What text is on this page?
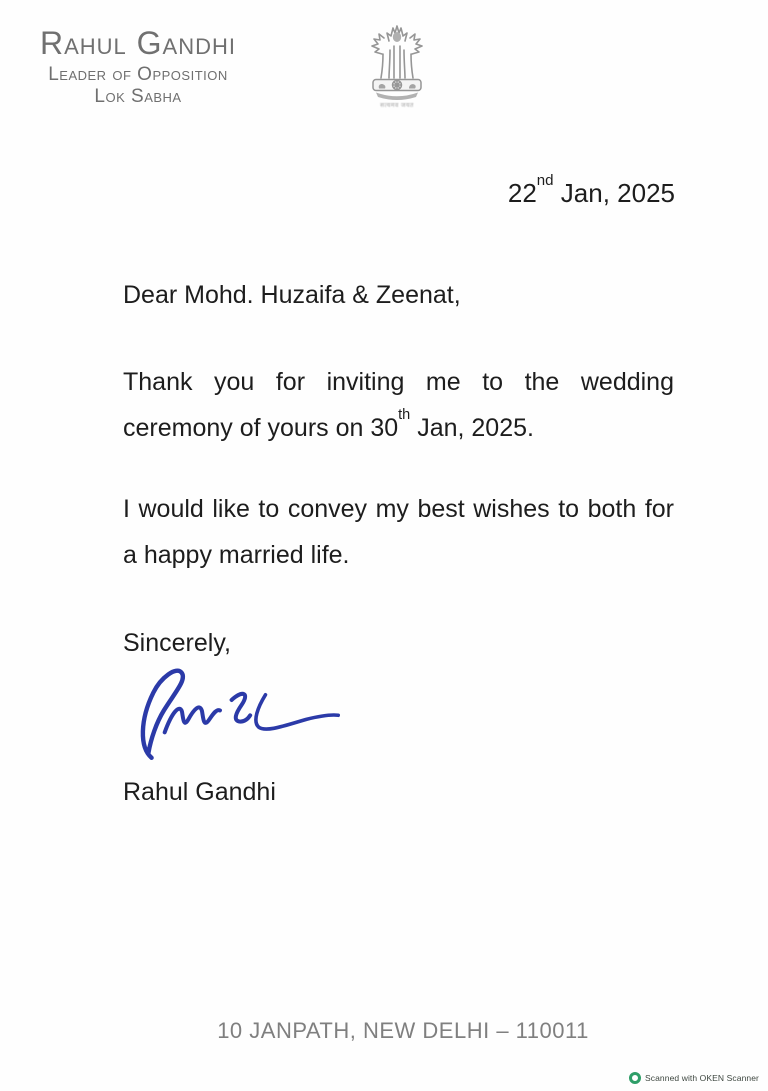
Rahul Gandhi
Leader of Opposition
Lok Sabha	सत्यमेव जयते
22nd Jan, 2025
Dear Mohd. Huzaifa & Zeenat,
Thank you for inviting me to the wedding
ceremony of yours on 30th Jan, 2025.
I would like to convey my best wishes to both for
a happy married life.
Sincerely,
Rahul Gandhi
10 JANPATH, NEW DELHI – 110011
Scanned with OKEN Scanner
